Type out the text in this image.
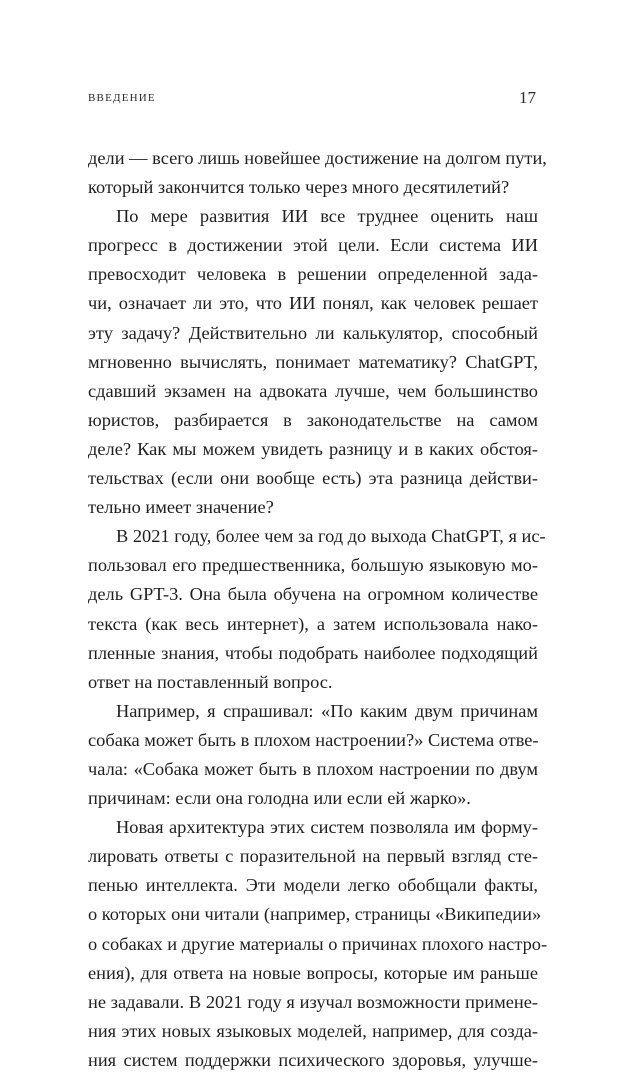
ВВЕДЕНИЕ	17
дели — всего лишь новейшее достижение на долгом пути,
который закончится только через много десятилетий?
По мере развития ИИ все труднее оценить наш
прогресс в достижении этой цели. Если система ИИ
превосходит человека в решении определенной зада-
чи, означает ли это, что ИИ понял, как человек решает
эту задачу? Действительно ли калькулятор, способный
мгновенно вычислять, понимает математику? ChatGPT,
сдавший экзамен на адвоката лучше, чем большинство
юристов, разбирается в законодательстве на самом
деле? Как мы можем увидеть разницу и в каких обстоя-
тельствах (если они вообще есть) эта разница действи-
тельно имеет значение?
В 2021 году, более чем за год до выхода ChatGPT, я ис-
пользовал его предшественника, большую языковую мо-
дель GPT-3. Она была обучена на огромном количестве
текста (как весь интернет), а затем использовала нако-
пленные знания, чтобы подобрать наиболее подходящий
ответ на поставленный вопрос.
Например, я спрашивал: «По каким двум причинам
собака может быть в плохом настроении?» Система отве-
чала: «Собака может быть в плохом настроении по двум
причинам: если она голодна или если ей жарко».
Новая архитектура этих систем позволяла им форму-
лировать ответы с поразительной на первый взгляд сте-
пенью интеллекта. Эти модели легко обобщали факты,
о которых они читали (например, страницы «Википедии»
о собаках и другие материалы о причинах плохого настро-
ения), для ответа на новые вопросы, которые им раньше
не задавали. В 2021 году я изучал возможности примене-
ния этих новых языковых моделей, например, для созда-
ния систем поддержки психического здоровья, улучше-
